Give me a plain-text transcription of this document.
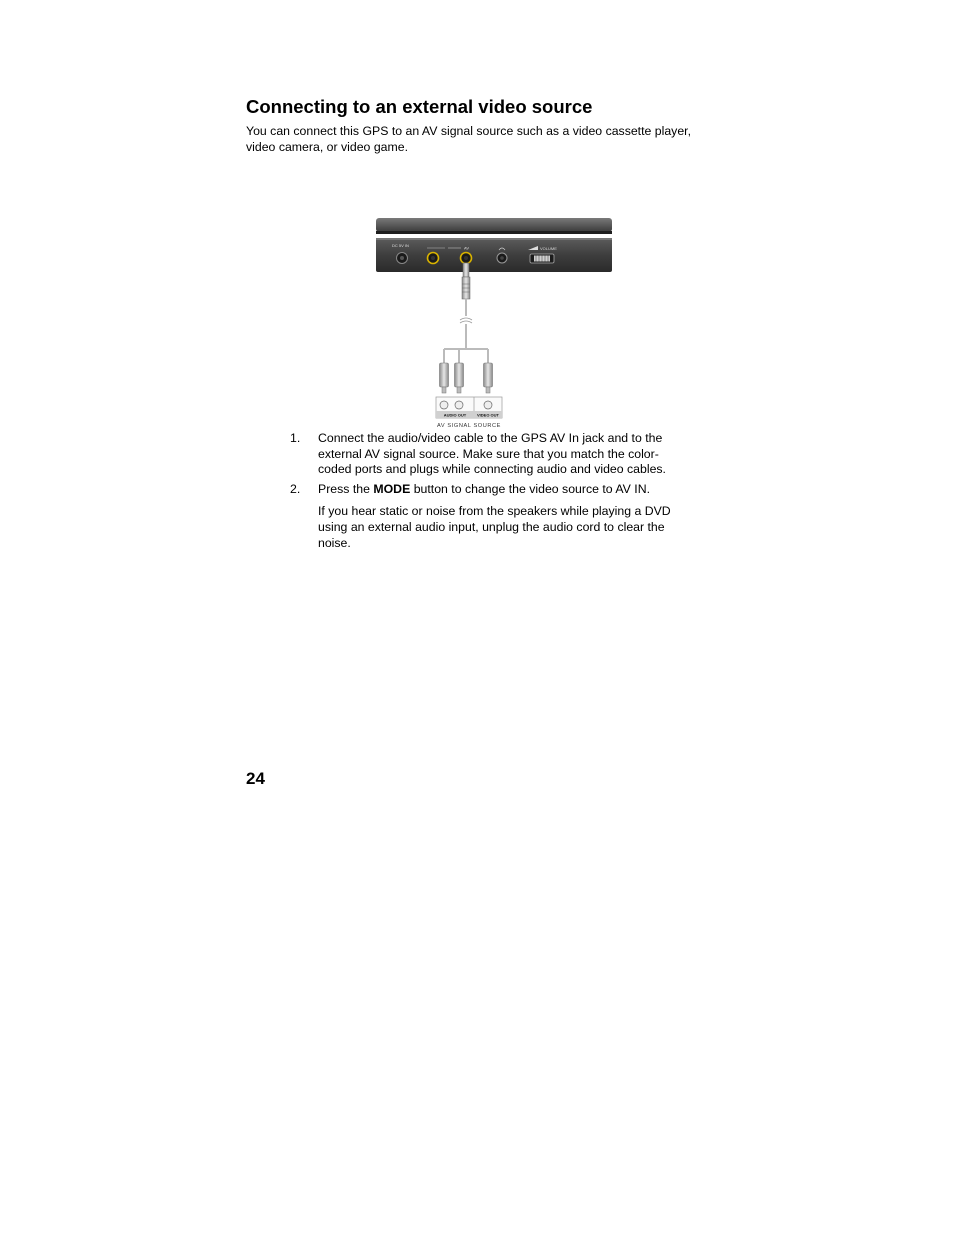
Connecting to an external video source

You can connect this GPS to an AV signal source such as a video cassette player, video camera, or video game.

DC 5V IN	AV	VOLUME
AUDIO OUT	VIDEO OUT
AV SIGNAL SOURCE
1. Connect the audio/video cable to the GPS AV In jack and to the external AV signal source. Make sure that you match the color-coded ports and plugs while connecting audio and video cables.
2. Press the MODE button to change the video source to AV IN.
If you hear static or noise from the speakers while playing a DVD using an external audio input, unplug the audio cord to clear the noise.
24
